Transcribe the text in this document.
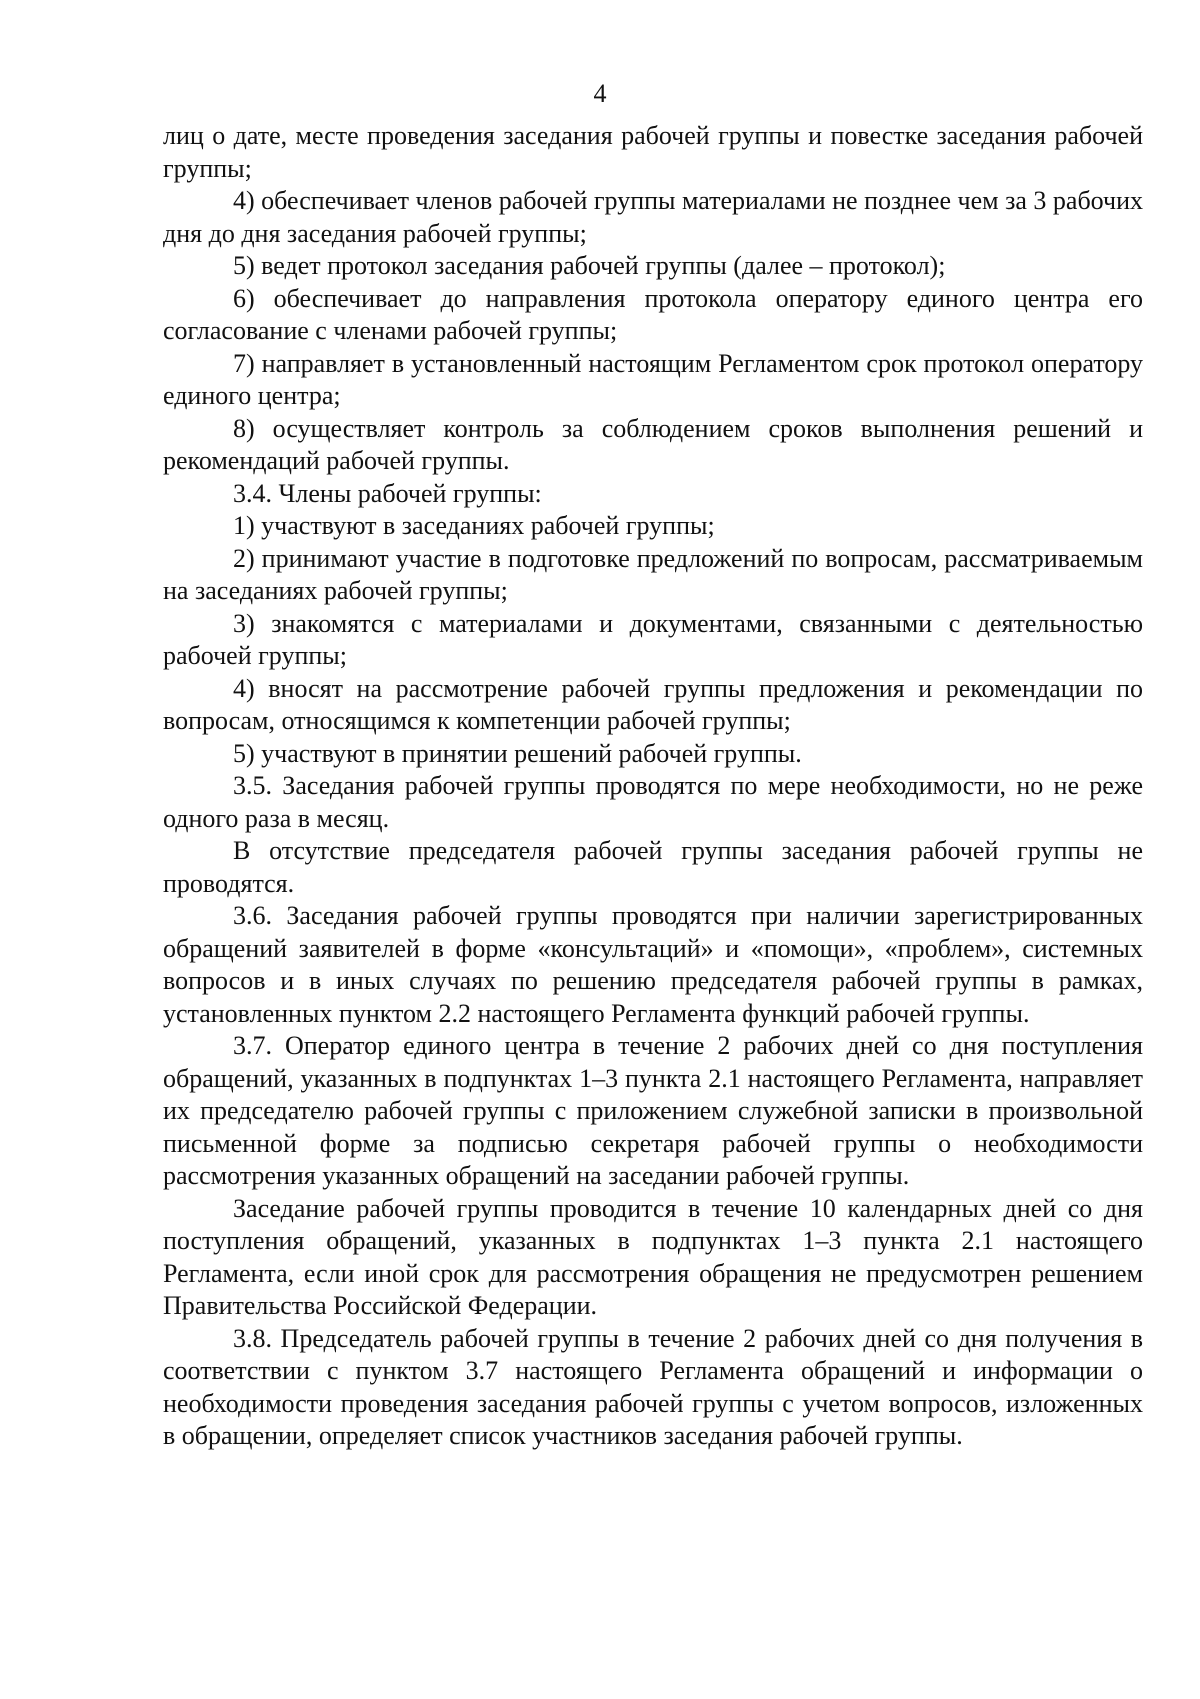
4

лиц о дате, месте проведения заседания рабочей группы и повестке заседания рабочей группы;

4) обеспечивает членов рабочей группы материалами не позднее чем за 3 рабочих дня до дня заседания рабочей группы;

5) ведет протокол заседания рабочей группы (далее – протокол);

6) обеспечивает до направления протокола оператору единого центра его согласование с членами рабочей группы;

7) направляет в установленный настоящим Регламентом срок протокол оператору единого центра;

8) осуществляет контроль за соблюдением сроков выполнения решений и рекомендаций рабочей группы.

3.4. Члены рабочей группы:

1) участвуют в заседаниях рабочей группы;

2) принимают участие в подготовке предложений по вопросам, рассматриваемым на заседаниях рабочей группы;

3) знакомятся с материалами и документами, связанными с деятельностью рабочей группы;

4) вносят на рассмотрение рабочей группы предложения и рекомендации по вопросам, относящимся к компетенции рабочей группы;

5) участвуют в принятии решений рабочей группы.

3.5. Заседания рабочей группы проводятся по мере необходимости, но не реже одного раза в месяц.

В отсутствие председателя рабочей группы заседания рабочей группы не проводятся.

3.6. Заседания рабочей группы проводятся при наличии зарегистрированных обращений заявителей в форме «консультаций» и «помощи», «проблем», системных вопросов и в иных случаях по решению председателя рабочей группы в рамках, установленных пунктом 2.2 настоящего Регламента функций рабочей группы.

3.7. Оператор единого центра в течение 2 рабочих дней со дня поступления обращений, указанных в подпунктах 1–3 пункта 2.1 настоящего Регламента, направляет их председателю рабочей группы с приложением служебной записки в произвольной письменной форме за подписью секретаря рабочей группы о необходимости рассмотрения указанных обращений на заседании рабочей группы.

Заседание рабочей группы проводится в течение 10 календарных дней со дня поступления обращений, указанных в подпунктах 1–3 пункта 2.1 настоящего Регламента, если иной срок для рассмотрения обращения не предусмотрен решением Правительства Российской Федерации.

3.8. Председатель рабочей группы в течение 2 рабочих дней со дня получения в соответствии с пунктом 3.7 настоящего Регламента обращений и информации о необходимости проведения заседания рабочей группы с учетом вопросов, изложенных в обращении, определяет список участников заседания рабочей группы.
